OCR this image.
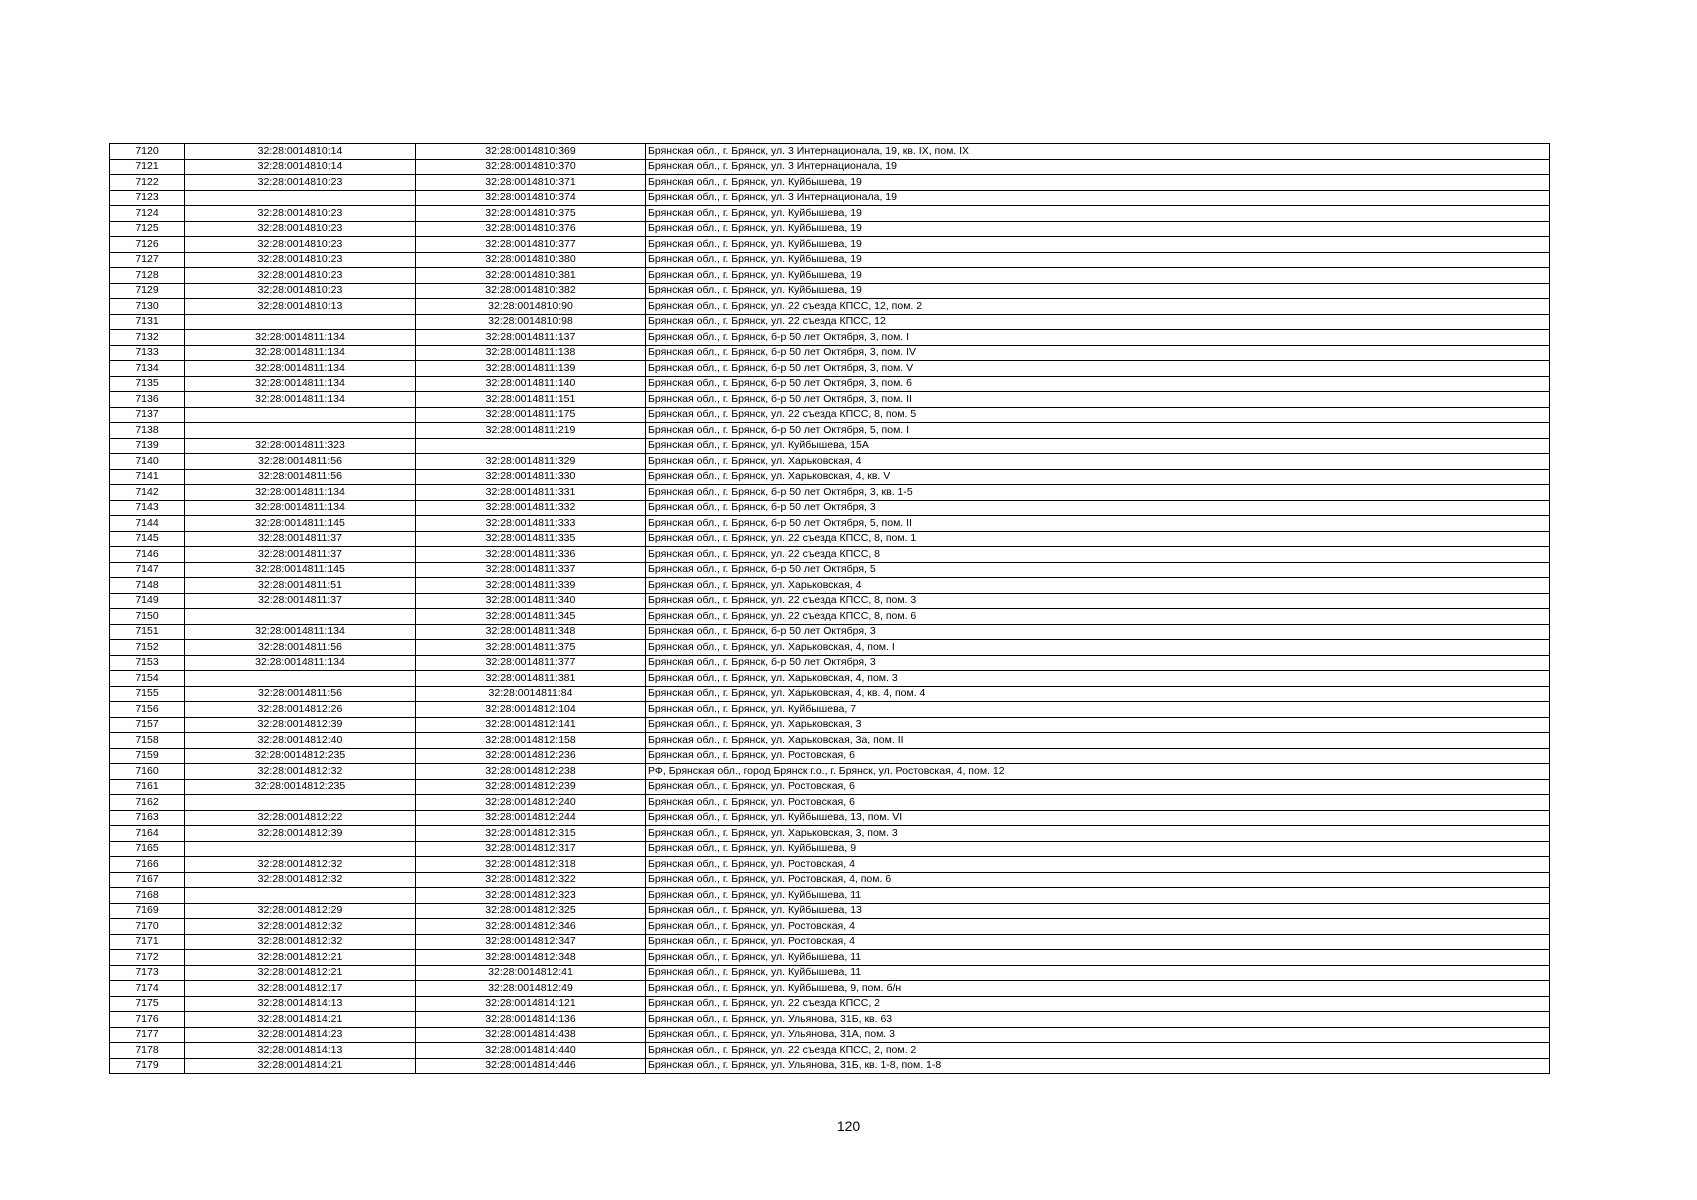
7120	32:28:0014810:14	32:28:0014810:369	Брянская обл., г. Брянск, ул. 3 Интернационала, 19, кв. IX, пом. IX
7121	32:28:0014810:14	32:28:0014810:370	Брянская обл., г. Брянск, ул. 3 Интернационала, 19
7122	32:28:0014810:23	32:28:0014810:371	Брянская обл., г. Брянск, ул. Куйбышева, 19
7123		32:28:0014810:374	Брянская обл., г. Брянск, ул. 3 Интернационала, 19
7124	32:28:0014810:23	32:28:0014810:375	Брянская обл., г. Брянск, ул. Куйбышева, 19
7125	32:28:0014810:23	32:28:0014810:376	Брянская обл., г. Брянск, ул. Куйбышева, 19
7126	32:28:0014810:23	32:28:0014810:377	Брянская обл., г. Брянск, ул. Куйбышева, 19
7127	32:28:0014810:23	32:28:0014810:380	Брянская обл., г. Брянск, ул. Куйбышева, 19
7128	32:28:0014810:23	32:28:0014810:381	Брянская обл., г. Брянск, ул. Куйбышева, 19
7129	32:28:0014810:23	32:28:0014810:382	Брянская обл., г. Брянск, ул. Куйбышева, 19
7130	32:28:0014810:13	32:28:0014810:90	Брянская обл., г. Брянск, ул. 22 съезда КПСС, 12, пом. 2
7131		32:28:0014810:98	Брянская обл., г. Брянск, ул. 22 съезда КПСС, 12
7132	32:28:0014811:134	32:28:0014811:137	Брянская обл., г. Брянск, б-р 50 лет Октября, 3, пом. I
7133	32:28:0014811:134	32:28:0014811:138	Брянская обл., г. Брянск, б-р 50 лет Октября, 3, пом. IV
7134	32:28:0014811:134	32:28:0014811:139	Брянская обл., г. Брянск, б-р 50 лет Октября, 3, пом. V
7135	32:28:0014811:134	32:28:0014811:140	Брянская обл., г. Брянск, б-р 50 лет Октября, 3, пом. 6
7136	32:28:0014811:134	32:28:0014811:151	Брянская обл., г. Брянск, б-р 50 лет Октября, 3, пом. II
7137		32:28:0014811:175	Брянская обл., г. Брянск, ул. 22 съезда КПСС, 8, пом. 5
7138		32:28:0014811:219	Брянская обл., г. Брянск, б-р 50 лет Октября, 5, пом. I
7139	32:28:0014811:323		Брянская обл., г. Брянск, ул. Куйбышева, 15А
7140	32:28:0014811:56	32:28:0014811:329	Брянская обл., г. Брянск, ул. Харьковская, 4
7141	32:28:0014811:56	32:28:0014811:330	Брянская обл., г. Брянск, ул. Харьковская, 4, кв. V
7142	32:28:0014811:134	32:28:0014811:331	Брянская обл., г. Брянск, б-р 50 лет Октября, 3, кв. 1-5
7143	32:28:0014811:134	32:28:0014811:332	Брянская обл., г. Брянск, б-р 50 лет Октября, 3
7144	32:28:0014811:145	32:28:0014811:333	Брянская обл., г. Брянск, б-р 50 лет Октября, 5, пом. II
7145	32:28:0014811:37	32:28:0014811:335	Брянская обл., г. Брянск, ул. 22 съезда КПСС, 8, пом. 1
7146	32:28:0014811:37	32:28:0014811:336	Брянская обл., г. Брянск, ул. 22 съезда КПСС, 8
7147	32:28:0014811:145	32:28:0014811:337	Брянская обл., г. Брянск, б-р 50 лет Октября, 5
7148	32:28:0014811:51	32:28:0014811:339	Брянская обл., г. Брянск, ул. Харьковская, 4
7149	32:28:0014811:37	32:28:0014811:340	Брянская обл., г. Брянск, ул. 22 съезда КПСС, 8, пом. 3
7150		32:28:0014811:345	Брянская обл., г. Брянск, ул. 22 съезда КПСС, 8, пом. 6
7151	32:28:0014811:134	32:28:0014811:348	Брянская обл., г. Брянск, б-р 50 лет Октября, 3
7152	32:28:0014811:56	32:28:0014811:375	Брянская обл., г. Брянск, ул. Харьковская, 4, пом. I
7153	32:28:0014811:134	32:28:0014811:377	Брянская обл., г. Брянск, б-р 50 лет Октября, 3
7154		32:28:0014811:381	Брянская обл., г. Брянск, ул. Харьковская, 4, пом. 3
7155	32:28:0014811:56	32:28:0014811:84	Брянская обл., г. Брянск, ул. Харьковская, 4, кв. 4, пом. 4
7156	32:28:0014812:26	32:28:0014812:104	Брянская обл., г. Брянск, ул. Куйбышева, 7
7157	32:28:0014812:39	32:28:0014812:141	Брянская обл., г. Брянск, ул. Харьковская, 3
7158	32:28:0014812:40	32:28:0014812:158	Брянская обл., г. Брянск, ул. Харьковская, 3а, пом. II
7159	32:28:0014812:235	32:28:0014812:236	Брянская обл., г. Брянск, ул. Ростовская, 6
7160	32:28:0014812:32	32:28:0014812:238	РФ, Брянская обл., город Брянск г.о., г. Брянск, ул. Ростовская, 4, пом. 12
7161	32:28:0014812:235	32:28:0014812:239	Брянская обл., г. Брянск, ул. Ростовская, 6
7162		32:28:0014812:240	Брянская обл., г. Брянск, ул. Ростовская, 6
7163	32:28:0014812:22	32:28:0014812:244	Брянская обл., г. Брянск, ул. Куйбышева, 13, пом. VI
7164	32:28:0014812:39	32:28:0014812:315	Брянская обл., г. Брянск, ул. Харьковская, 3, пом. 3
7165		32:28:0014812:317	Брянская обл., г. Брянск, ул. Куйбышева, 9
7166	32:28:0014812:32	32:28:0014812:318	Брянская обл., г. Брянск, ул. Ростовская, 4
7167	32:28:0014812:32	32:28:0014812:322	Брянская обл., г. Брянск, ул. Ростовская, 4, пом. 6
7168		32:28:0014812:323	Брянская обл., г. Брянск, ул. Куйбышева, 11
7169	32:28:0014812:29	32:28:0014812:325	Брянская обл., г. Брянск, ул. Куйбышева, 13
7170	32:28:0014812:32	32:28:0014812:346	Брянская обл., г. Брянск, ул. Ростовская, 4
7171	32:28:0014812:32	32:28:0014812:347	Брянская обл., г. Брянск, ул. Ростовская, 4
7172	32:28:0014812:21	32:28:0014812:348	Брянская обл., г. Брянск, ул. Куйбышева, 11
7173	32:28:0014812:21	32:28:0014812:41	Брянская обл., г. Брянск, ул. Куйбышева, 11
7174	32:28:0014812:17	32:28:0014812:49	Брянская обл., г. Брянск, ул. Куйбышева, 9, пом. б/н
7175	32:28:0014814:13	32:28:0014814:121	Брянская обл., г. Брянск, ул. 22 съезда КПСС, 2
7176	32:28:0014814:21	32:28:0014814:136	Брянская обл., г. Брянск, ул. Ульянова, 31Б, кв. 63
7177	32:28:0014814:23	32:28:0014814:438	Брянская обл., г. Брянск, ул. Ульянова, 31А, пом. 3
7178	32:28:0014814:13	32:28:0014814:440	Брянская обл., г. Брянск, ул. 22 съезда КПСС, 2, пом. 2
7179	32:28:0014814:21	32:28:0014814:446	Брянская обл., г. Брянск, ул. Ульянова, 31Б, кв. 1-8, пом. 1-8
120
